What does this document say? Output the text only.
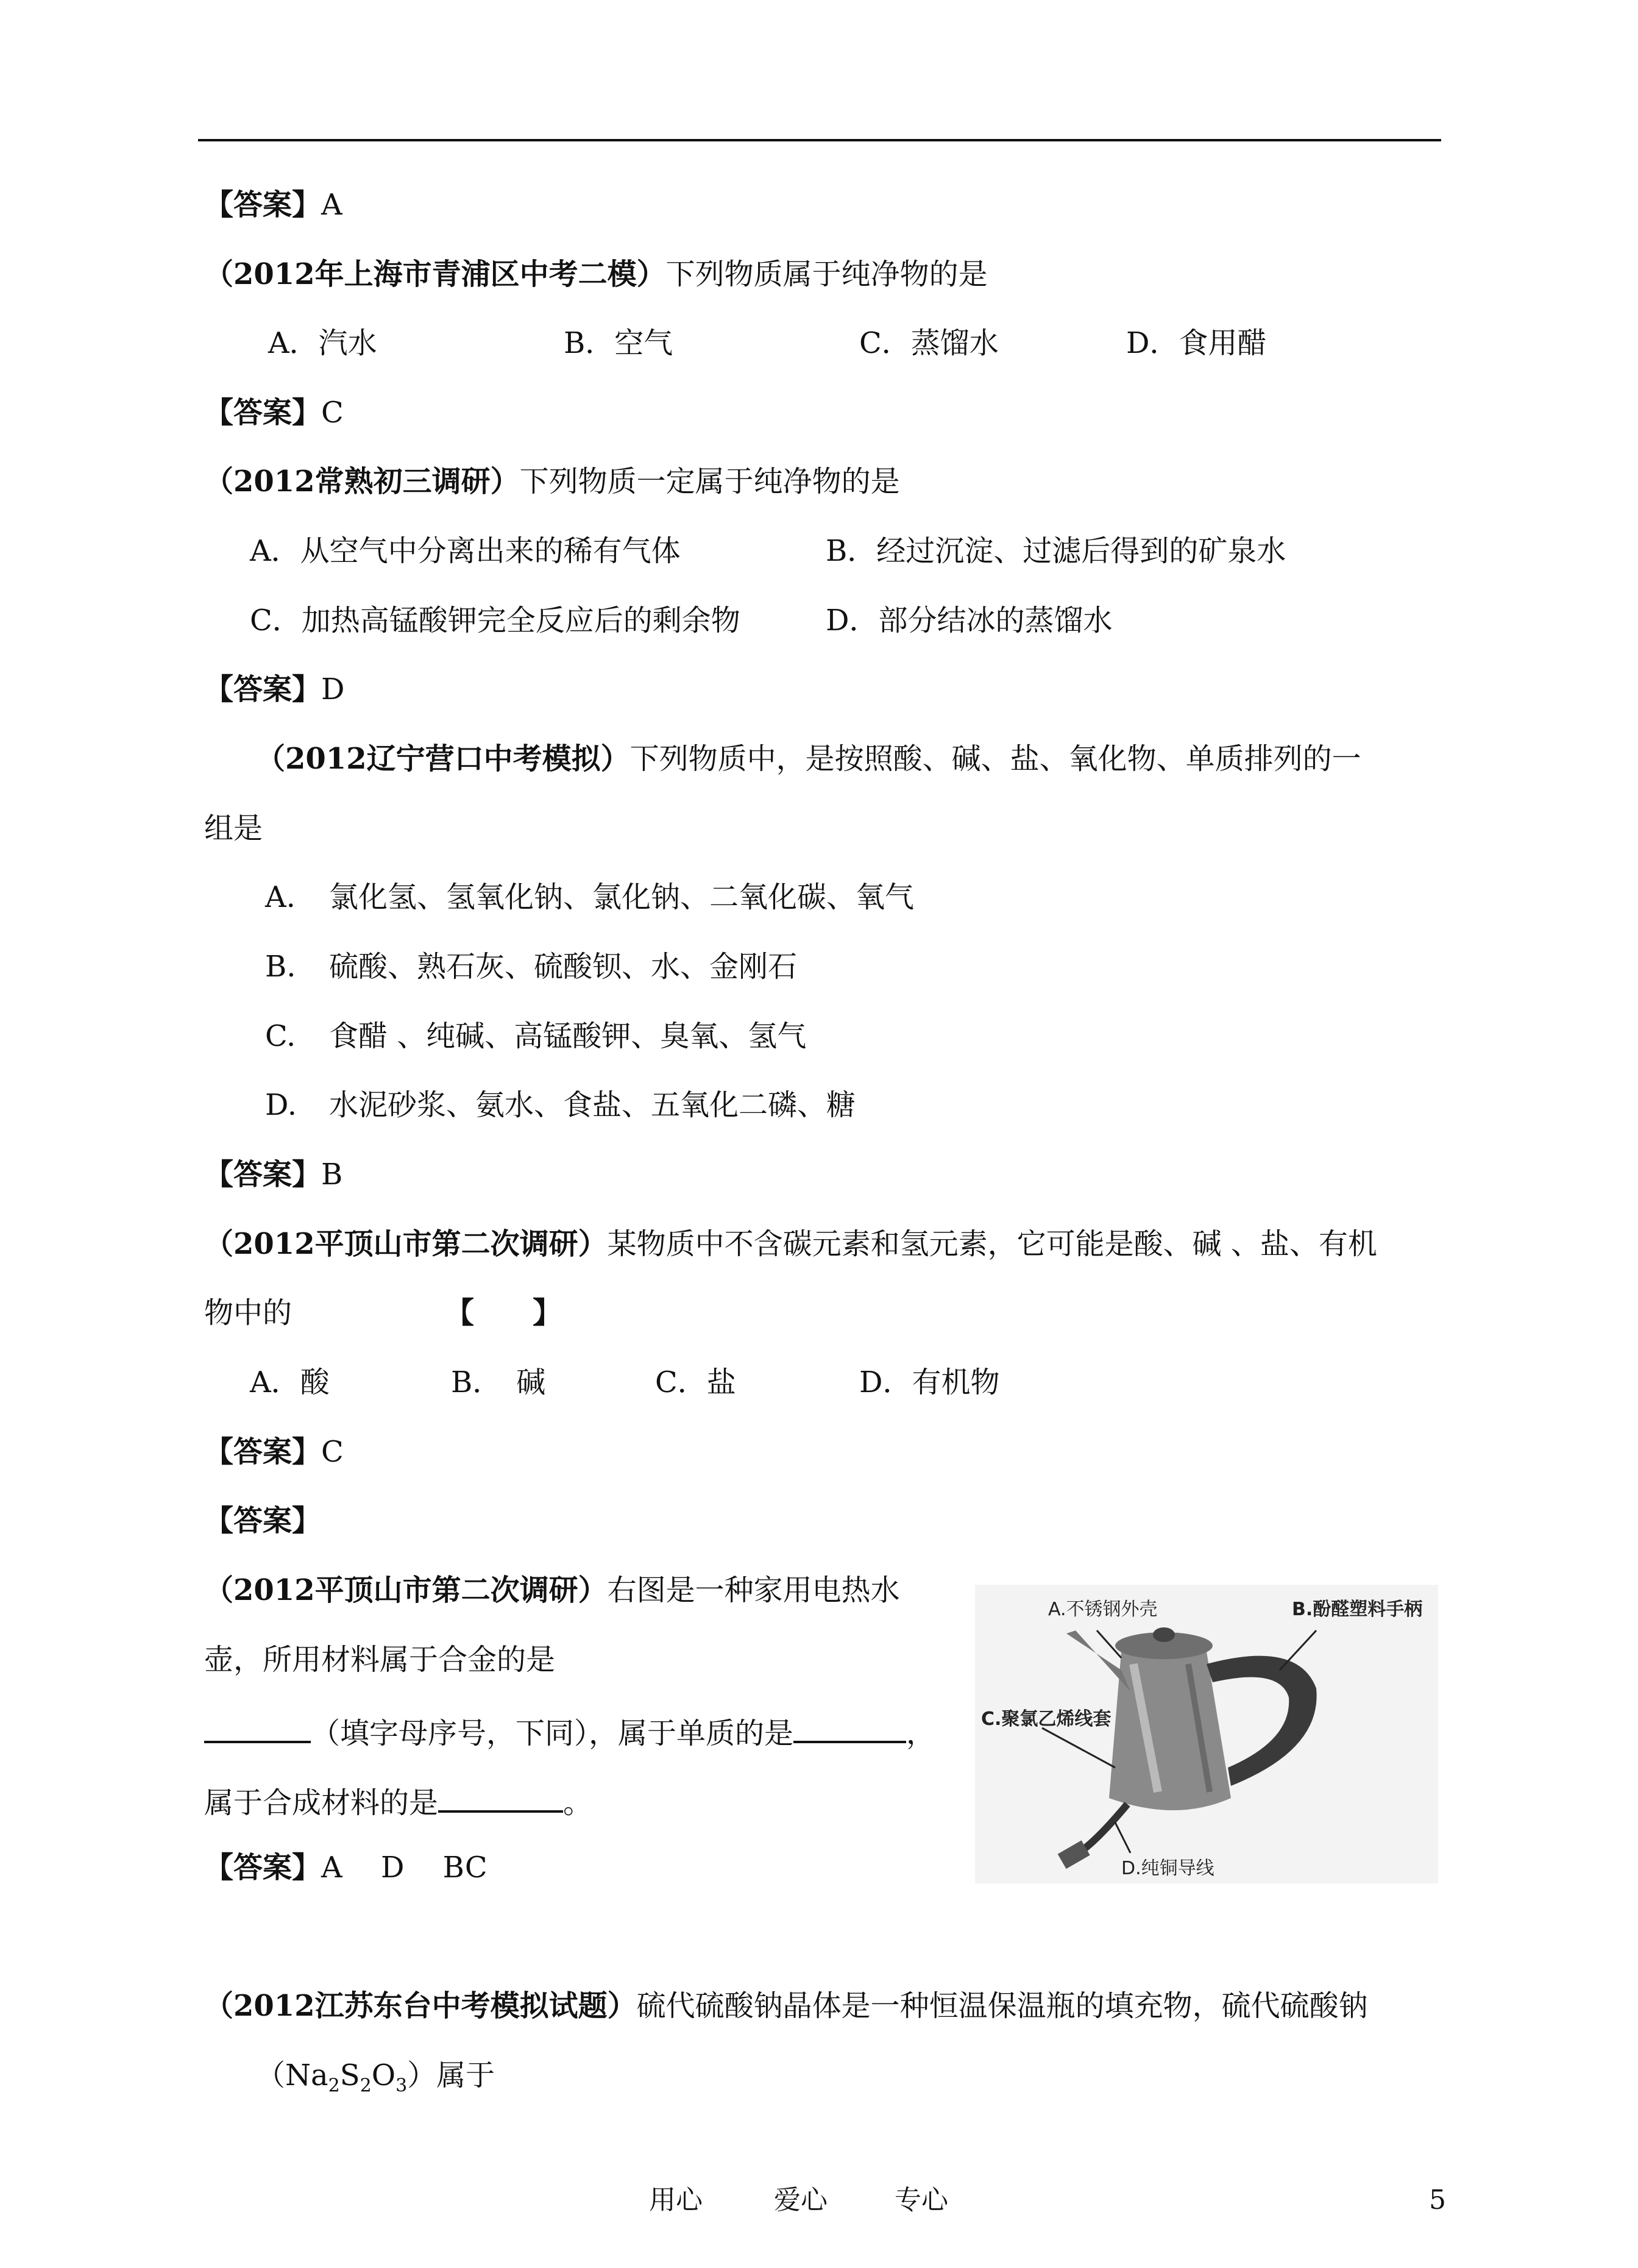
【答案】A
（2012年上海市青浦区中考二模）下列物质属于纯净物的是
A．汽水	B．空气	C．蒸馏水	D．食用醋
【答案】C
（2012常熟初三调研）下列物质一定属于纯净物的是
A．从空气中分离出来的稀有气体	B．经过沉淀、过滤后得到的矿泉水
C．加热高锰酸钾完全反应后的剩余物	D．部分结冰的蒸馏水
【答案】D
（2012辽宁营口中考模拟）下列物质中，是按照酸、碱、盐、氧化物、单质排列的一
组是
A. 氯化氢、氢氧化钠、氯化钠、二氧化碳、氧气
B. 硫酸、熟石灰、硫酸钡、水、金刚石
C. 食醋 、纯碱、高锰酸钾、臭氧、氢气
D. 水泥砂浆、氨水、食盐、五氧化二磷、糖
【答案】B
（2012平顶山市第二次调研）某物质中不含碳元素和氢元素，它可能是酸、碱 、盐、有机
物中的	【　　】
A．酸	B．　碱	C．盐	D．有机物
【答案】C
【答案】
（2012平顶山市第二次调研）右图是一种家用电热水
壶，所用材料属于合金的是
（填字母序号，下同），属于单质的是	，
属于合成材料的是	。
【答案】A　 D　 BC
A.不锈钢外壳	B.酚醛塑料手柄
C.聚氯乙烯线套
D.纯铜导线
（2012江苏东台中考模拟试题）硫代硫酸钠晶体是一种恒温保温瓶的填充物，硫代硫酸钠
$(Na_2S_2O_3)$属于
用心	爱心	专心	5
